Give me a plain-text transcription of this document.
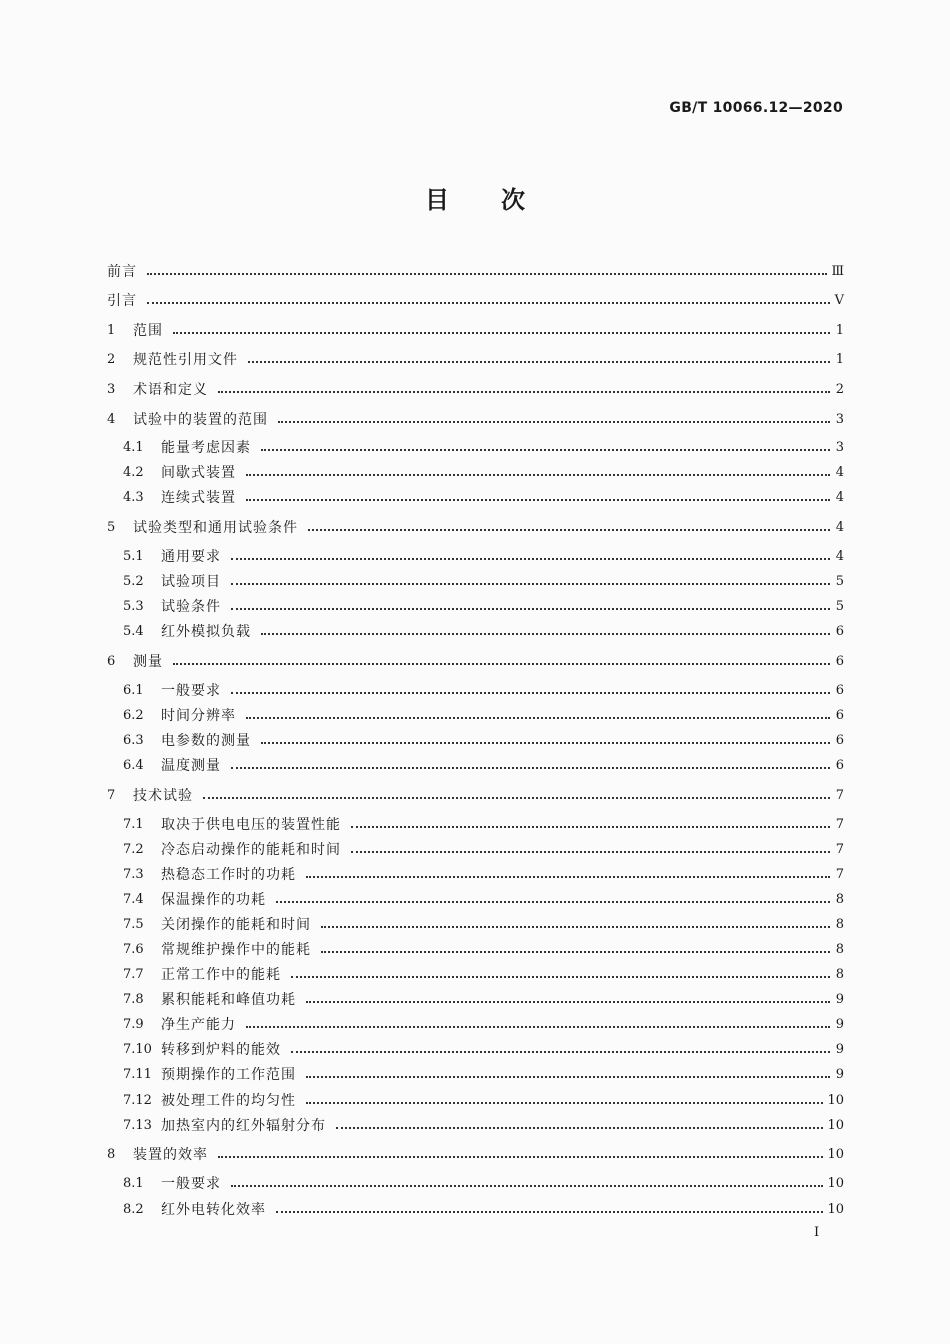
GB/T 10066.12—2020
目 次
前言	Ⅲ
引言	Ⅴ
1	范围	1
2	规范性引用文件	1
3	术语和定义	2
4	试验中的装置的范围	3
4.1	能量考虑因素	3
4.2	间歇式装置	4
4.3	连续式装置	4
5	试验类型和通用试验条件	4
5.1	通用要求	4
5.2	试验项目	5
5.3	试验条件	5
5.4	红外模拟负载	6
6	测量	6
6.1	一般要求	6
6.2	时间分辨率	6
6.3	电参数的测量	6
6.4	温度测量	6
7	技术试验	7
7.1	取决于供电电压的装置性能	7
7.2	冷态启动操作的能耗和时间	7
7.3	热稳态工作时的功耗	7
7.4	保温操作的功耗	8
7.5	关闭操作的能耗和时间	8
7.6	常规维护操作中的能耗	8
7.7	正常工作中的能耗	8
7.8	累积能耗和峰值功耗	9
7.9	净生产能力	9
7.10 转移到炉料的能效	9
7.11 预期操作的工作范围	9
7.12 被处理工件的均匀性	10
7.13 加热室内的红外辐射分布	10
8	装置的效率	10
8.1	一般要求	10
8.2	红外电转化效率	10
I
